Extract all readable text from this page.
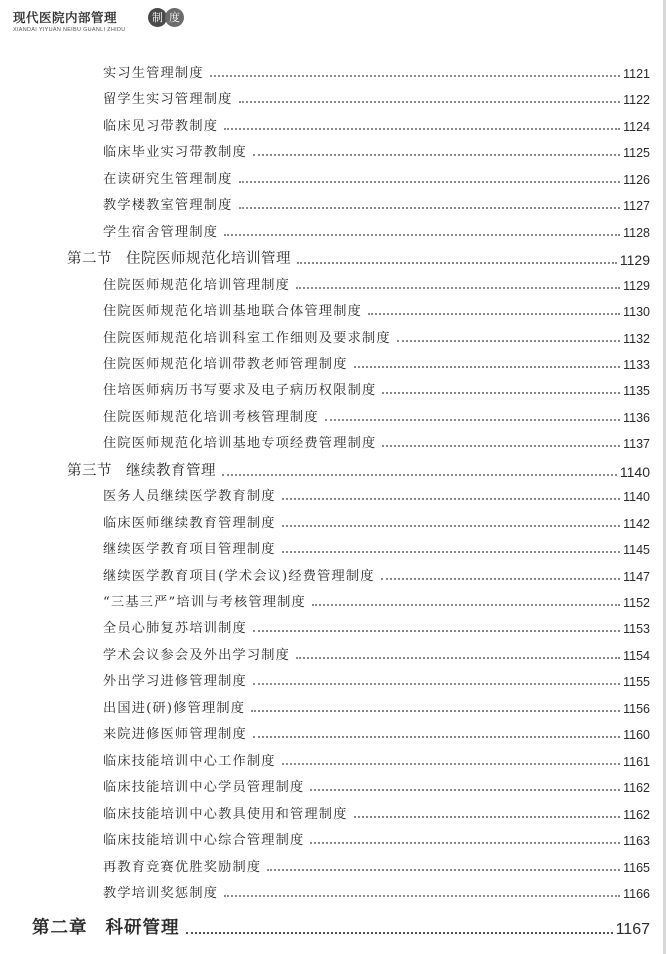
现代医院内部管理
XIANDAI YIYUAN NEIBU GUANLI ZHIDU
制 度
实习生管理制度	1121
留学生实习管理制度	1122
临床见习带教制度	1124
临床毕业实习带教制度	1125
在读研究生管理制度	1126
教学楼教室管理制度	1127
学生宿舍管理制度	1128
第二节 住院医师规范化培训管理	1129
住院医师规范化培训管理制度	1129
住院医师规范化培训基地联合体管理制度	1130
住院医师规范化培训科室工作细则及要求制度	1132
住院医师规范化培训带教老师管理制度	1133
住培医师病历书写要求及电子病历权限制度	1135
住院医师规范化培训考核管理制度	1136
住院医师规范化培训基地专项经费管理制度	1137
第三节 继续教育管理	1140
医务人员继续医学教育制度	1140
临床医师继续教育管理制度	1142
继续医学教育项目管理制度	1145
继续医学教育项目(学术会议)经费管理制度	1147
“三基三严”培训与考核管理制度	1152
全员心肺复苏培训制度	1153
学术会议参会及外出学习制度	1154
外出学习进修管理制度	1155
出国进(研)修管理制度	1156
来院进修医师管理制度	1160
临床技能培训中心工作制度	1161
临床技能培训中心学员管理制度	1162
临床技能培训中心教具使用和管理制度	1162
临床技能培训中心综合管理制度	1163
再教育竞赛优胜奖励制度	1165
教学培训奖惩制度	1166
第二章 科研管理	1167
